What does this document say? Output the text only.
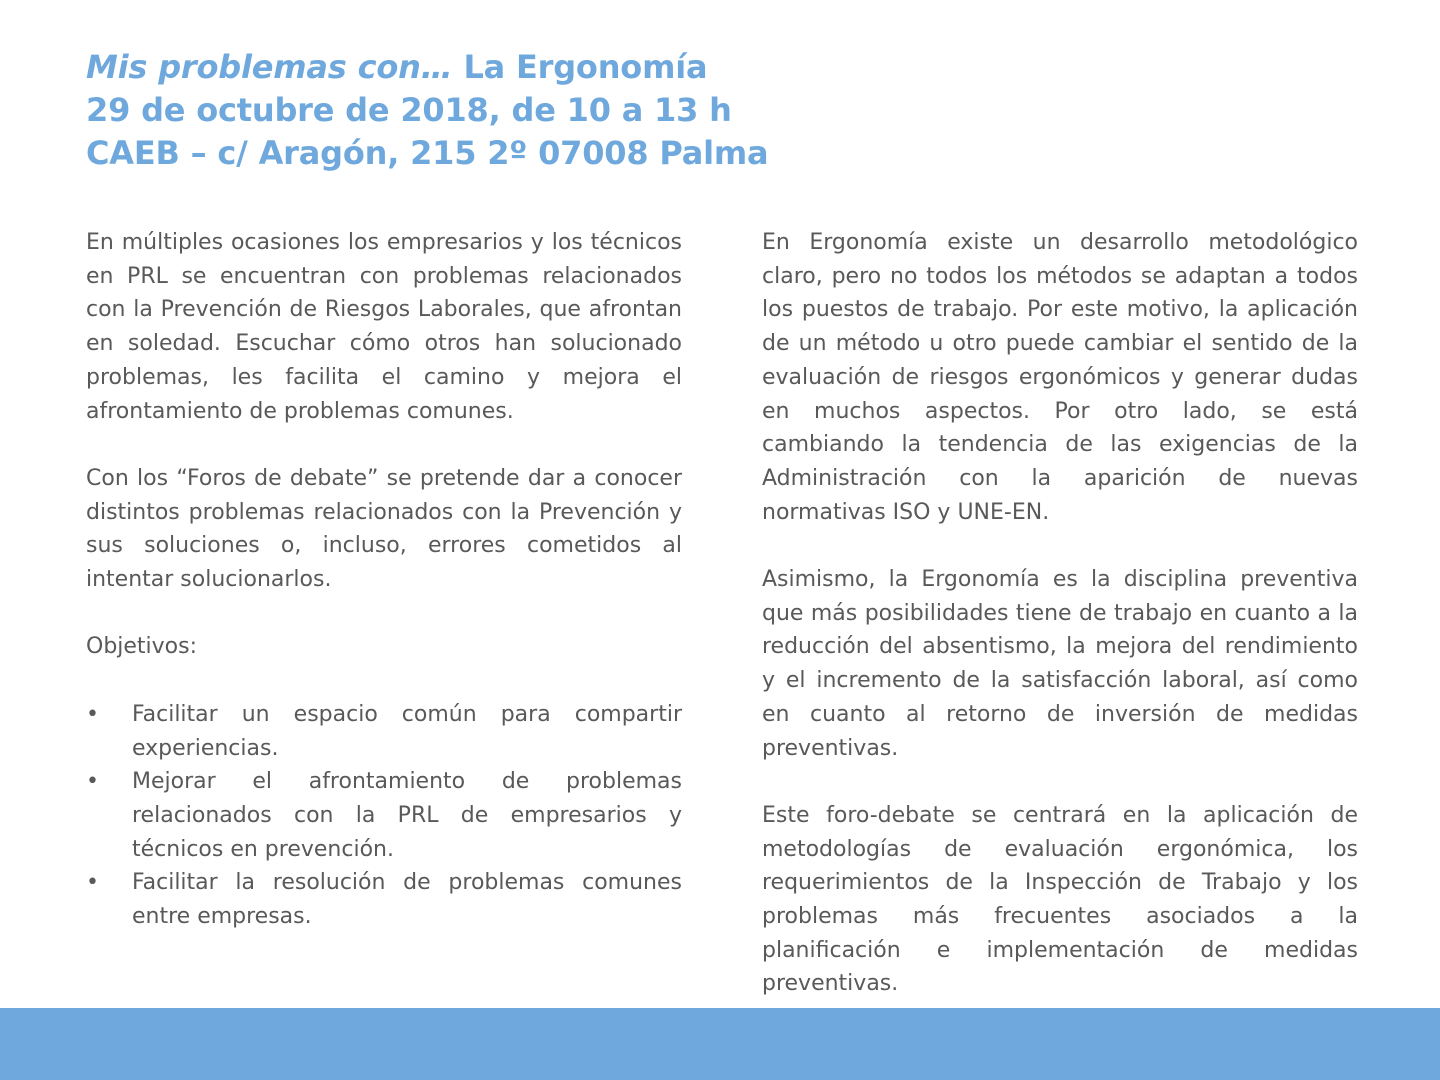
Mis problemas con… La Ergonomía
29 de octubre de 2018, de 10 a 13 h
CAEB – c/ Aragón, 215 2º 07008 Palma

En múltiples ocasiones los empresarios y los técnicos en PRL se encuentran con problemas relacionados con la Prevención de Riesgos Laborales, que afrontan en soledad. Escuchar cómo otros han solucionado problemas, les facilita el camino y mejora el afrontamiento de problemas comunes.

Con los “Foros de debate” se pretende dar a conocer distintos problemas relacionados con la Prevención y sus soluciones o, incluso, errores cometidos al intentar solucionarlos.

Objetivos:

•	Facilitar un espacio común para compartir experiencias.
•	Mejorar el afrontamiento de problemas relacionados con la PRL de empresarios y técnicos en prevención.
•	Facilitar la resolución de problemas comunes entre empresas.

En Ergonomía existe un desarrollo metodológico claro, pero no todos los métodos se adaptan a todos los puestos de trabajo. Por este motivo, la aplicación de un método u otro puede cambiar el sentido de la evaluación de riesgos ergonómicos y generar dudas en muchos aspectos. Por otro lado, se está cambiando la tendencia de las exigencias de la Administración con la aparición de nuevas normativas ISO y UNE-EN.

Asimismo, la Ergonomía es la disciplina preventiva que más posibilidades tiene de trabajo en cuanto a la reducción del absentismo, la mejora del rendimiento y el incremento de la satisfacción laboral, así como en cuanto al retorno de inversión de medidas preventivas.

Este foro-debate se centrará en la aplicación de metodologías de evaluación ergonómica, los requerimientos de la Inspección de Trabajo y los problemas más frecuentes asociados a la planificación e implementación de medidas preventivas.
